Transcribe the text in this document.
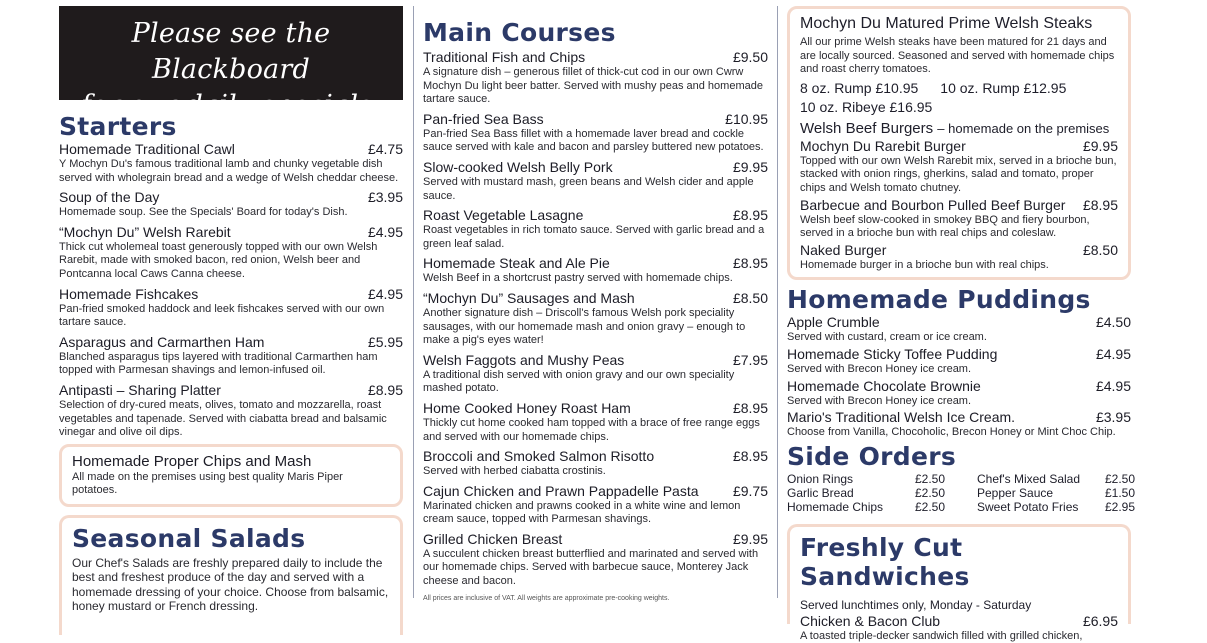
Please see the Blackboard
for our daily specials.
Starters
Homemade Traditional Cawl	£4.75
Y Mochyn Du's famous traditional lamb and chunky vegetable dish served with wholegrain bread and a wedge of Welsh cheddar cheese.
Soup of the Day	£3.95
Homemade soup. See the Specials' Board for today's Dish.
“Mochyn Du” Welsh Rarebit	£4.95
Thick cut wholemeal toast generously topped with our own Welsh Rarebit, made with smoked bacon, red onion, Welsh beer and Pontcanna local Caws Canna cheese.
Homemade Fishcakes	£4.95
Pan-fried smoked haddock and leek fishcakes served with our own tartare sauce.
Asparagus and Carmarthen Ham	£5.95
Blanched asparagus tips layered with traditional Carmarthen ham topped with Parmesan shavings and lemon-infused oil.
Antipasti – Sharing Platter	£8.95
Selection of dry-cured meats, olives, tomato and mozzarella, roast vegetables and tapenade. Served with ciabatta bread and balsamic vinegar and olive oil dips.
Homemade Proper Chips and Mash
All made on the premises using best quality Maris Piper potatoes.
Seasonal Salads
Our Chef's Salads are freshly prepared daily to include the best and freshest produce of the day and served with a homemade dressing of your choice. Choose from balsamic, honey mustard or French dressing.
Main Courses
Traditional Fish and Chips	£9.50
A signature dish – generous fillet of thick-cut cod in our own Cwrw Mochyn Du light beer batter. Served with mushy peas and homemade tartare sauce.
Pan-fried Sea Bass	£10.95
Pan-fried Sea Bass fillet with a homemade laver bread and cockle sauce served with kale and bacon and parsley buttered new potatoes.
Slow-cooked Welsh Belly Pork	£9.95
Served with mustard mash, green beans and Welsh cider and apple sauce.
Roast Vegetable Lasagne	£8.95
Roast vegetables in rich tomato sauce. Served with garlic bread and a green leaf salad.
Homemade Steak and Ale Pie	£8.95
Welsh Beef in a shortcrust pastry served with homemade chips.
“Mochyn Du” Sausages and Mash	£8.50
Another signature dish – Driscoll's famous Welsh pork speciality sausages, with our homemade mash and onion gravy – enough to make a pig's eyes water!
Welsh Faggots and Mushy Peas	£7.95
A traditional dish served with onion gravy and our own speciality mashed potato.
Home Cooked Honey Roast Ham	£8.95
Thickly cut home cooked ham topped with a brace of free range eggs and served with our homemade chips.
Broccoli and Smoked Salmon Risotto	£8.95
Served with herbed ciabatta crostinis.
Cajun Chicken and Prawn Pappadelle Pasta £9.75
Marinated chicken and prawns cooked in a white wine and lemon cream sauce, topped with Parmesan shavings.
Grilled Chicken Breast	£9.95
A succulent chicken breast butterflied and marinated and served with our homemade chips. Served with barbecue sauce, Monterey Jack cheese and bacon.
All prices are inclusive of VAT. All weights are approximate pre-cooking weights.
Mochyn Du Matured Prime Welsh Steaks
All our prime Welsh steaks have been matured for 21 days and are locally sourced. Seasoned and served with homemade chips and roast cherry tomatoes.
8 oz. Rump £10.95 10 oz. Rump £12.95
10 oz. Ribeye £16.95
Welsh Beef Burgers – homemade on the premises
Mochyn Du Rarebit Burger	£9.95
Topped with our own Welsh Rarebit mix, served in a brioche bun, stacked with onion rings, gherkins, salad and tomato, proper chips and Welsh tomato chutney.
Barbecue and Bourbon Pulled Beef Burger £8.95
Welsh beef slow-cooked in smokey BBQ and fiery bourbon, served in a brioche bun with real chips and coleslaw.
Naked Burger	£8.50
Homemade burger in a brioche bun with real chips.
Homemade Puddings
Apple Crumble	£4.50
Served with custard, cream or ice cream.
Homemade Sticky Toffee Pudding	£4.95
Served with Brecon Honey ice cream.
Homemade Chocolate Brownie	£4.95
Served with Brecon Honey ice cream.
Mario's Traditional Welsh Ice Cream.	£3.95
Choose from Vanilla, Chocoholic, Brecon Honey or Mint Choc Chip.
Side Orders
Onion Rings	£2.50
Garlic Bread	£2.50
Homemade Chips	£2.50
Chef's Mixed Salad	£2.50
Pepper Sauce	£1.50
Sweet Potato Fries	£2.95
Freshly Cut Sandwiches
Served lunchtimes only, Monday - Saturday
Chicken & Bacon Club	£6.95
A toasted triple-decker sandwich filled with grilled chicken,
